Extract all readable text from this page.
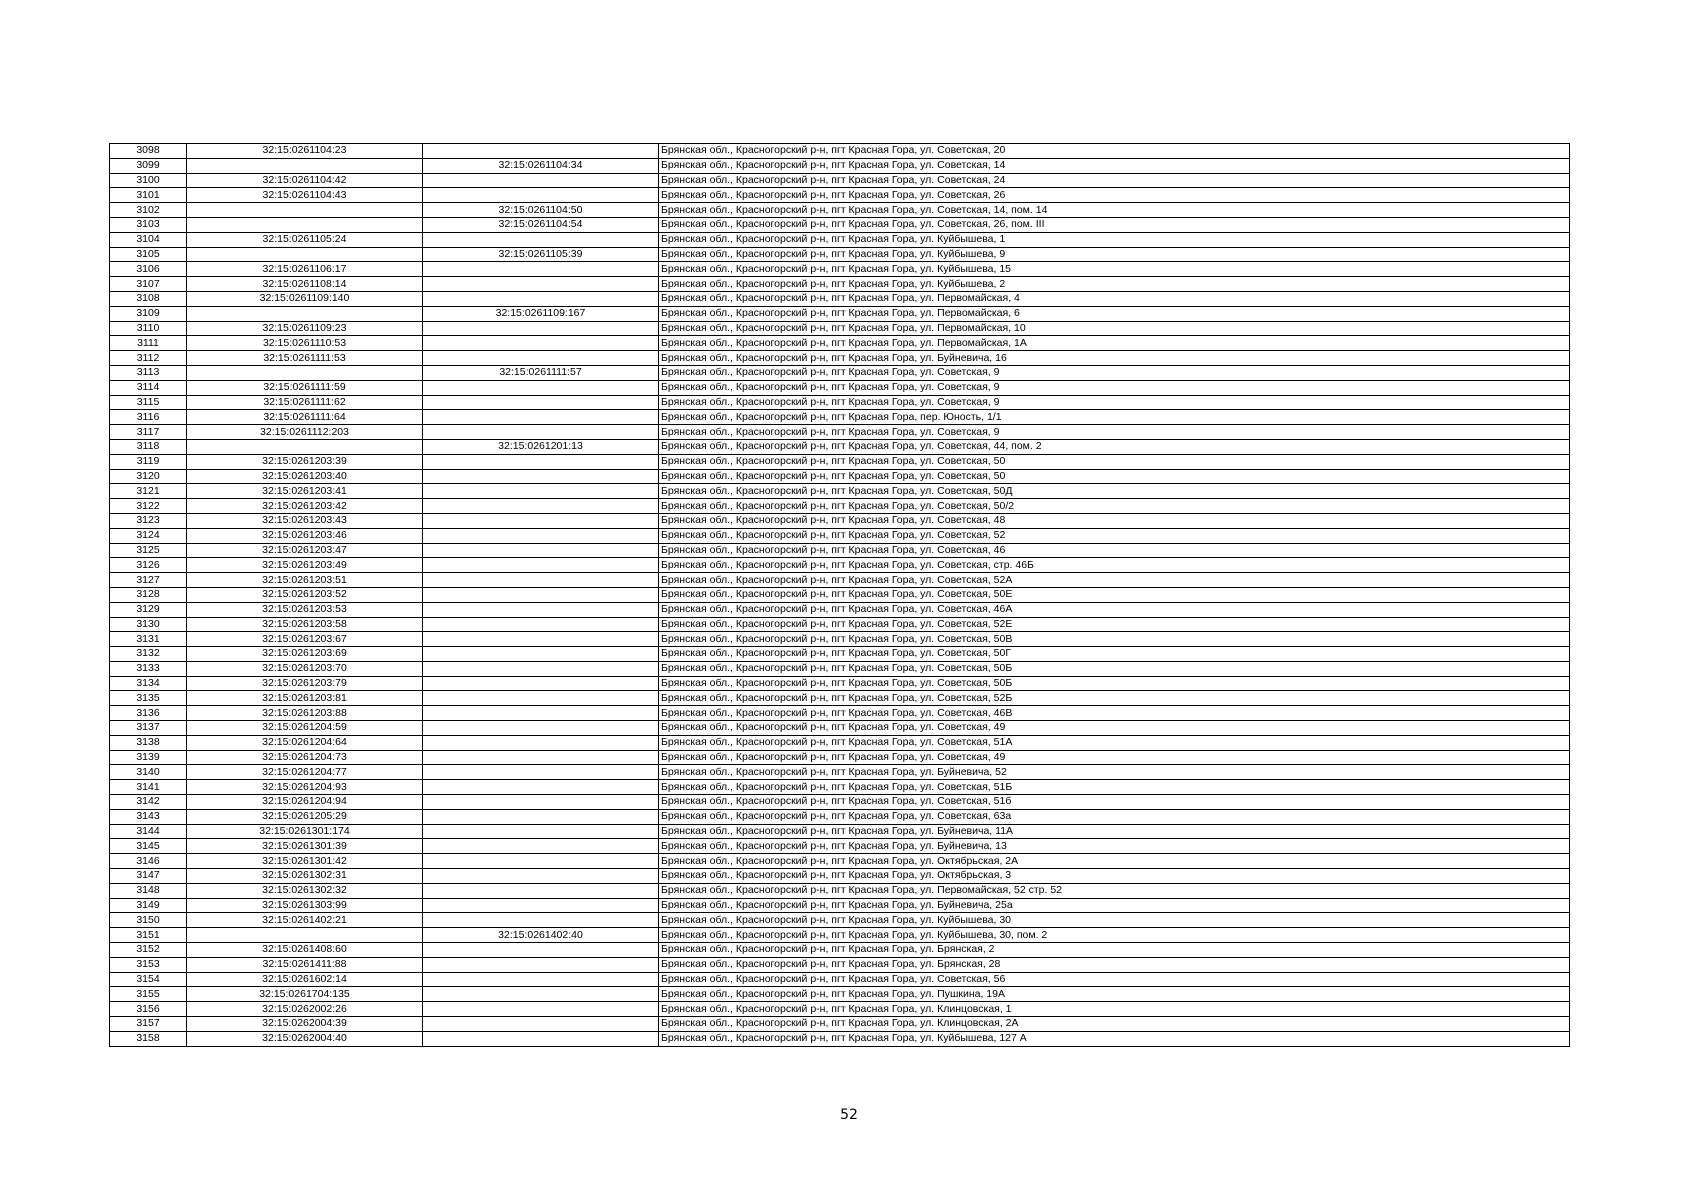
3098	32:15:0261104:23		Брянская обл., Красногорский р-н, пгт Красная Гора, ул. Советская, 20
3099		32:15:0261104:34	Брянская обл., Красногорский р-н, пгт Красная Гора, ул. Советская, 14
3100	32:15:0261104:42		Брянская обл., Красногорский р-н, пгт Красная Гора, ул. Советская, 24
3101	32:15:0261104:43		Брянская обл., Красногорский р-н, пгт Красная Гора, ул. Советская, 26
3102		32:15:0261104:50	Брянская обл., Красногорский р-н, пгт Красная Гора, ул. Советская, 14, пом. 14
3103		32:15:0261104:54	Брянская обл., Красногорский р-н, пгт Красная Гора, ул. Советская, 26, пом. III
3104	32:15:0261105:24		Брянская обл., Красногорский р-н, пгт Красная Гора, ул. Куйбышева, 1
3105		32:15:0261105:39	Брянская обл., Красногорский р-н, пгт Красная Гора, ул. Куйбышева, 9
3106	32:15:0261106:17		Брянская обл., Красногорский р-н, пгт Красная Гора, ул. Куйбышева, 15
3107	32:15:0261108:14		Брянская обл., Красногорский р-н, пгт Красная Гора, ул. Куйбышева, 2
3108	32:15:0261109:140		Брянская обл., Красногорский р-н, пгт Красная Гора, ул. Первомайская, 4
3109		32:15:0261109:167	Брянская обл., Красногорский р-н, пгт Красная Гора, ул. Первомайская, 6
3110	32:15:0261109:23		Брянская обл., Красногорский р-н, пгт Красная Гора, ул. Первомайская, 10
3111	32:15:0261110:53		Брянская обл., Красногорский р-н, пгт Красная Гора, ул. Первомайская, 1А
3112	32:15:0261111:53		Брянская обл., Красногорский р-н, пгт Красная Гора, ул. Буйневича, 16
3113		32:15:0261111:57	Брянская обл., Красногорский р-н, пгт Красная Гора, ул. Советская, 9
3114	32:15:0261111:59		Брянская обл., Красногорский р-н, пгт Красная Гора, ул. Советская, 9
3115	32:15:0261111:62		Брянская обл., Красногорский р-н, пгт Красная Гора, ул. Советская, 9
3116	32:15:0261111:64		Брянская обл., Красногорский р-н, пгт Красная Гора, пер. Юность, 1/1
3117	32:15:0261112:203		Брянская обл., Красногорский р-н, пгт Красная Гора, ул. Советская, 9
3118		32:15:0261201:13	Брянская обл., Красногорский р-н, пгт Красная Гора, ул. Советская, 44, пом. 2
3119	32:15:0261203:39		Брянская обл., Красногорский р-н, пгт Красная Гора, ул. Советская, 50
3120	32:15:0261203:40		Брянская обл., Красногорский р-н, пгт Красная Гора, ул. Советская, 50
3121	32:15:0261203:41		Брянская обл., Красногорский р-н, пгт Красная Гора, ул. Советская, 50Д
3122	32:15:0261203:42		Брянская обл., Красногорский р-н, пгт Красная Гора, ул. Советская, 50/2
3123	32:15:0261203:43		Брянская обл., Красногорский р-н, пгт Красная Гора, ул. Советская, 48
3124	32:15:0261203:46		Брянская обл., Красногорский р-н, пгт Красная Гора, ул. Советская, 52
3125	32:15:0261203:47		Брянская обл., Красногорский р-н, пгт Красная Гора, ул. Советская, 46
3126	32:15:0261203:49		Брянская обл., Красногорский р-н, пгт Красная Гора, ул. Советская, стр. 46Б
3127	32:15:0261203:51		Брянская обл., Красногорский р-н, пгт Красная Гора, ул. Советская, 52А
3128	32:15:0261203:52		Брянская обл., Красногорский р-н, пгт Красная Гора, ул. Советская, 50Е
3129	32:15:0261203:53		Брянская обл., Красногорский р-н, пгт Красная Гора, ул. Советская, 46А
3130	32:15:0261203:58		Брянская обл., Красногорский р-н, пгт Красная Гора, ул. Советская, 52Е
3131	32:15:0261203:67		Брянская обл., Красногорский р-н, пгт Красная Гора, ул. Советская, 50В
3132	32:15:0261203:69		Брянская обл., Красногорский р-н, пгт Красная Гора, ул. Советская, 50Г
3133	32:15:0261203:70		Брянская обл., Красногорский р-н, пгт Красная Гора, ул. Советская, 50Б
3134	32:15:0261203:79		Брянская обл., Красногорский р-н, пгт Красная Гора, ул. Советская, 50Б
3135	32:15:0261203:81		Брянская обл., Красногорский р-н, пгт Красная Гора, ул. Советская, 52Б
3136	32:15:0261203:88		Брянская обл., Красногорский р-н, пгт Красная Гора, ул. Советская, 46В
3137	32:15:0261204:59		Брянская обл., Красногорский р-н, пгт Красная Гора, ул. Советская, 49
3138	32:15:0261204:64		Брянская обл., Красногорский р-н, пгт Красная Гора, ул. Советская, 51А
3139	32:15:0261204:73		Брянская обл., Красногорский р-н, пгт Красная Гора, ул. Советская, 49
3140	32:15:0261204:77		Брянская обл., Красногорский р-н, пгт Красная Гора, ул. Буйневича, 52
3141	32:15:0261204:93		Брянская обл., Красногорский р-н, пгт Красная Гора, ул. Советская, 51Б
3142	32:15:0261204:94		Брянская обл., Красногорский р-н, пгт Красная Гора, ул. Советская, 51б
3143	32:15:0261205:29		Брянская обл., Красногорский р-н, пгт Красная Гора, ул. Советская, 63а
3144	32:15:0261301:174		Брянская обл., Красногорский р-н, пгт Красная Гора, ул. Буйневича, 11А
3145	32:15:0261301:39		Брянская обл., Красногорский р-н, пгт Красная Гора, ул. Буйневича, 13
3146	32:15:0261301:42		Брянская обл., Красногорский р-н, пгт Красная Гора, ул. Октябрьская, 2А
3147	32:15:0261302:31		Брянская обл., Красногорский р-н, пгт Красная Гора, ул. Октябрьская, 3
3148	32:15:0261302:32		Брянская обл., Красногорский р-н, пгт Красная Гора, ул. Первомайская, 52 стр. 52
3149	32:15:0261303:99		Брянская обл., Красногорский р-н, пгт Красная Гора, ул. Буйневича, 25а
3150	32:15:0261402:21		Брянская обл., Красногорский р-н, пгт Красная Гора, ул. Куйбышева, 30
3151		32:15:0261402:40	Брянская обл., Красногорский р-н, пгт Красная Гора, ул. Куйбышева, 30, пом. 2
3152	32:15:0261408:60		Брянская обл., Красногорский р-н, пгт Красная Гора, ул. Брянская, 2
3153	32:15:0261411:88		Брянская обл., Красногорский р-н, пгт Красная Гора, ул. Брянская, 28
3154	32:15:0261602:14		Брянская обл., Красногорский р-н, пгт Красная Гора, ул. Советская, 56
3155	32:15:0261704:135		Брянская обл., Красногорский р-н, пгт Красная Гора, ул. Пушкина, 19А
3156	32:15:0262002:26		Брянская обл., Красногорский р-н, пгт Красная Гора, ул. Клинцовская, 1
3157	32:15:0262004:39		Брянская обл., Красногорский р-н, пгт Красная Гора, ул. Клинцовская, 2А
3158	32:15:0262004:40		Брянская обл., Красногорский р-н, пгт Красная Гора, ул. Куйбышева, 127 А
52
